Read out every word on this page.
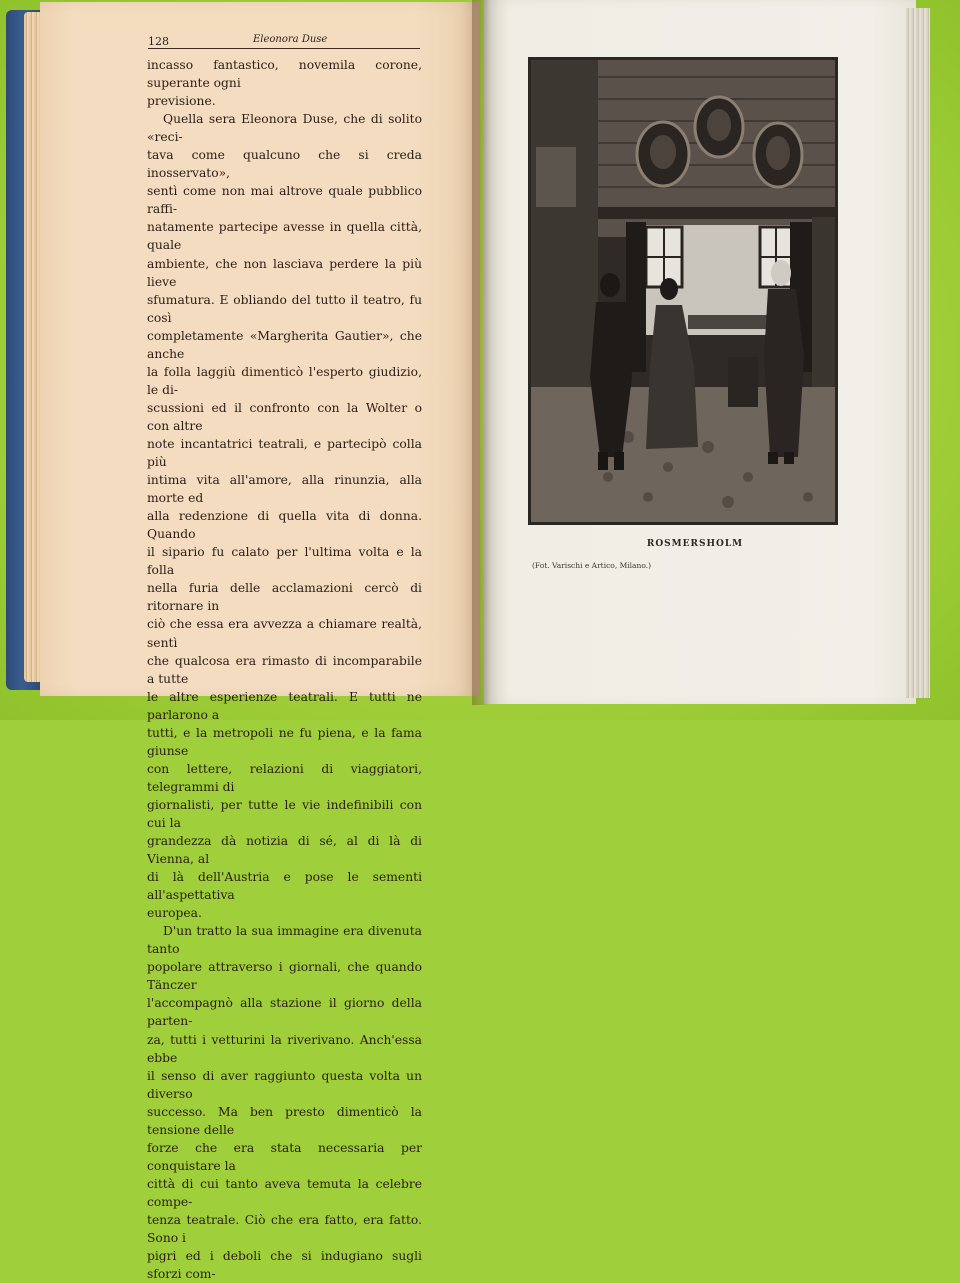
128	Eleonora Duse

incasso fantastico, novemila corone, superante ogni

previsione.

Quella sera Eleonora Duse, che di solito «reci-

tava come qualcuno che si creda inosservato»,

sentì come non mai altrove quale pubblico raffi-

natamente partecipe avesse in quella città, quale

ambiente, che non lasciava perdere la più lieve

sfumatura. E obliando del tutto il teatro, fu così

completamente «Margherita Gautier», che anche

la folla laggiù dimenticò l'esperto giudizio, le di-

scussioni ed il confronto con la Wolter o con altre

note incantatrici teatrali, e partecipò colla più

intima vita all'amore, alla rinunzia, alla morte ed

alla redenzione di quella vita di donna. Quando

il sipario fu calato per l'ultima volta e la folla

nella furia delle acclamazioni cercò di ritornare in

ciò che essa era avvezza a chiamare realtà, sentì

che qualcosa era rimasto di incomparabile a tutte

le altre esperienze teatrali. E tutti ne parlarono a

tutti, e la metropoli ne fu piena, e la fama giunse

con lettere, relazioni di viaggiatori, telegrammi di

giornalisti, per tutte le vie indefinibili con cui la

grandezza dà notizia di sé, al di là di Vienna, al

di là dell'Austria e pose le sementi all'aspettativa

europea.

D'un tratto la sua immagine era divenuta tanto

popolare attraverso i giornali, che quando Tänczer

l'accompagnò alla stazione il giorno della parten-

za, tutti i vetturini la riverivano. Anch'essa ebbe

il senso di aver raggiunto questa volta un diverso

successo. Ma ben presto dimenticò la tensione delle

forze che era stata necessaria per conquistare la

città di cui tanto aveva temuta la celebre compe-

tenza teatrale. Ciò che era fatto, era fatto. Sono i

pigri ed i deboli che si indugiano sugli sforzi com-

ROSMERSHOLM
(Fot. Varischi e Artico, Milano.)
